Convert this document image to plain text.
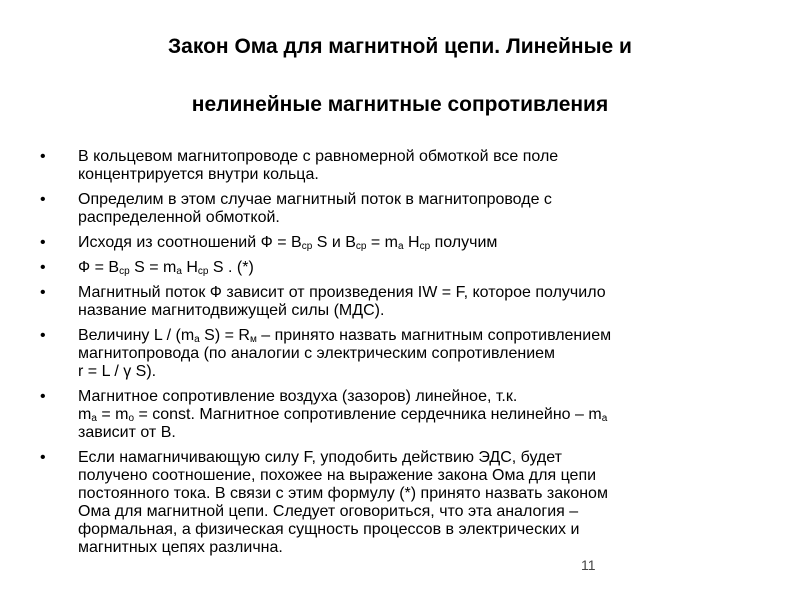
Закон Ома для магнитной цепи. Линейные и
нелинейные магнитные сопротивления
• В кольцевом магнитопроводе с равномерной обмоткой все поле
концентрируется внутри кольца.
• Определим в этом случае магнитный поток в магнитопроводе с
распределенной обмоткой.
• Исходя из соотношений $Ф = В_{ср}$ S и $В_{ср} = m_а$ $Н_{ср}$ получим
• $Ф = В_{ср}$ $S = m_а$ $Н_{ср}$ S . (*)
• Магнитный поток Ф зависит от произведения IW = F, которое получило
название магнитодвижущей силы (МДС).
• Величину L / ($m_а$ $S) = R_м$ – принято назвать магнитным сопротивлением
магнитопровода (по аналогии с электрическим сопротивлением
r = L / γ S).
• Магнитное сопротивление воздуха (зазоров) линейное, т.к.
$m_а = m_о$ = const. Магнитное сопротивление сердечника нелинейно – $m_а$
зависит от В.
• Если намагничивающую силу F, уподобить действию ЭДС, будет
получено соотношение, похожее на выражение закона Ома для цепи
постоянного тока. В связи с этим формулу (*) принято назвать законом
Ома для магнитной цепи. Следует оговориться, что эта аналогия –
формальная, а физическая сущность процессов в электрических и
магнитных цепях различна.
11
